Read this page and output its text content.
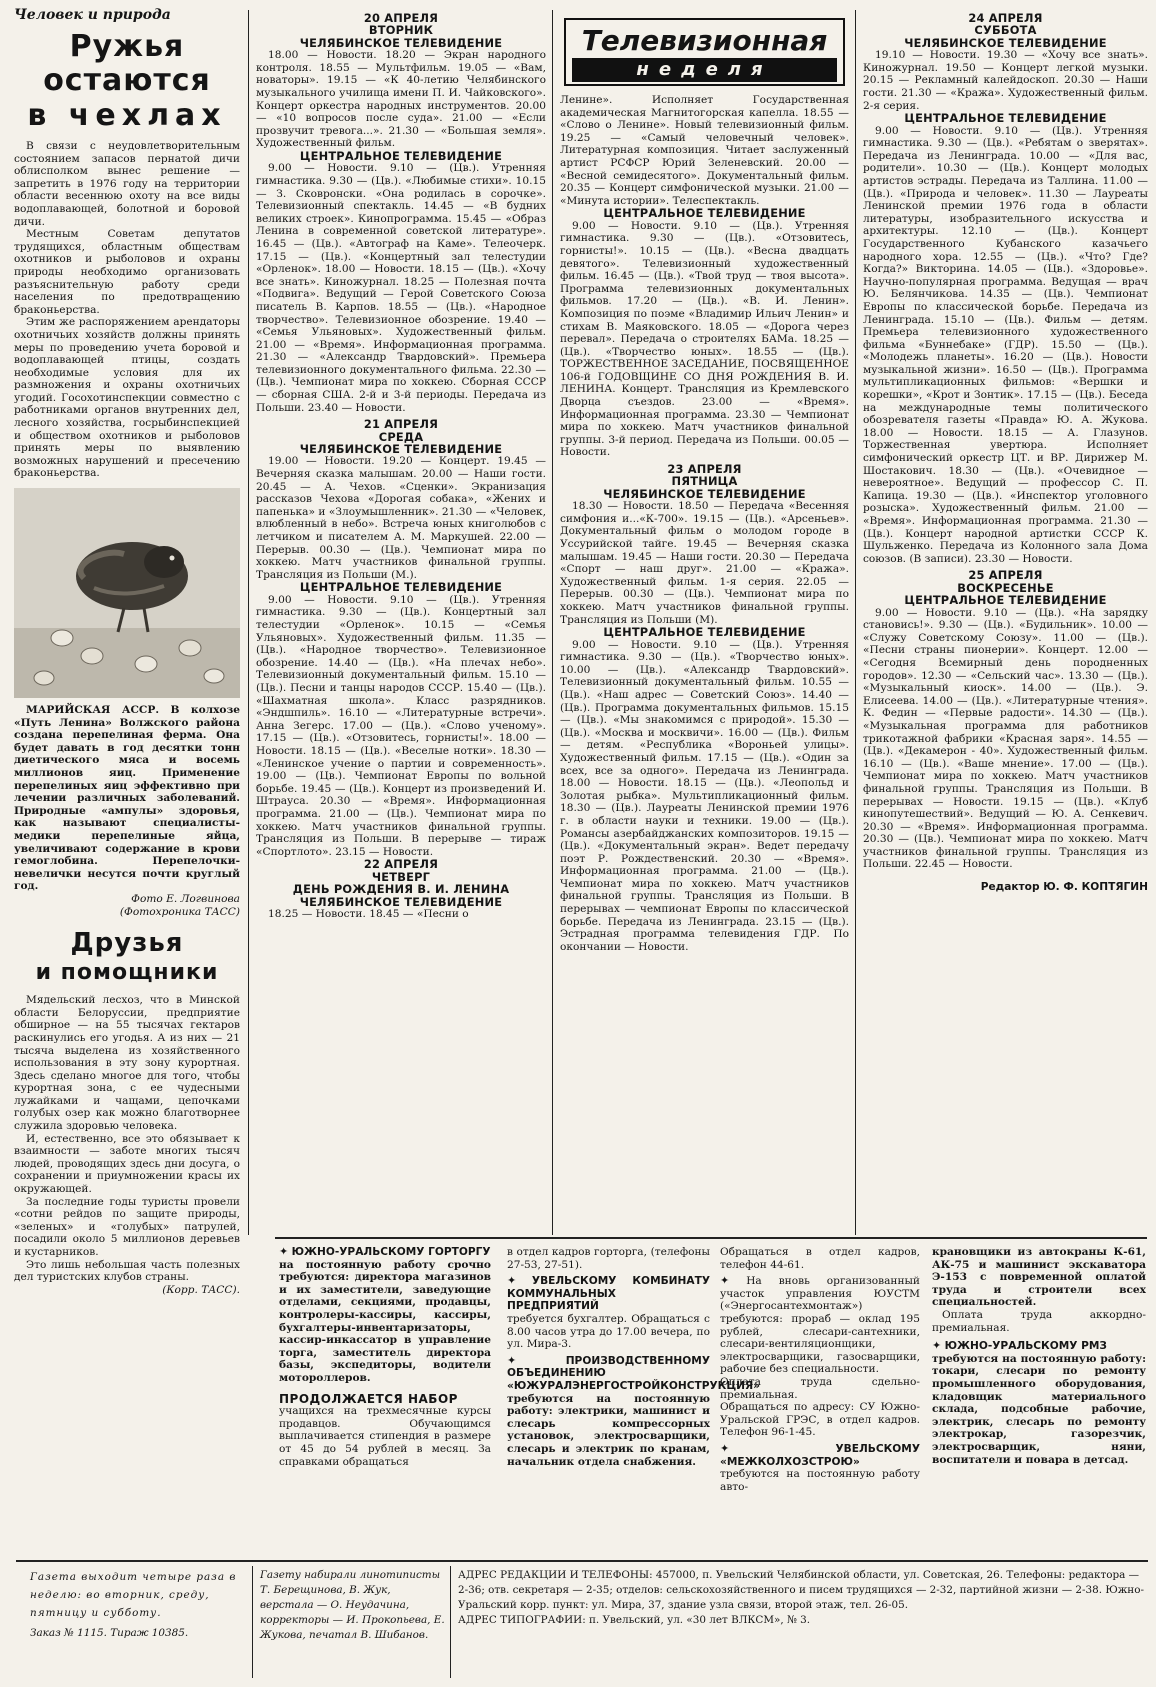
Человек и природа
Ружья
остаются
в чехлах

В связи с неудовлетворительным состоянием запасов пернатой дичи облисполком вынес решение — запретить в 1976 году на территории области весеннюю охоту на все виды водоплавающей, болотной и боровой дичи.

Местным Советам депутатов трудящихся, областным обществам охотников и рыболовов и охраны природы необходимо организовать разъяснительную работу среди населения по предотвращению браконьерства.

Этим же распоряжением арендаторы охотничьих хозяйств должны принять меры по проведению учета боровой и водоплавающей птицы, создать необходимые условия для их размножения и охраны охотничьих угодий. Госохотинспекции совместно с работниками органов внутренних дел, лесного хозяйства, госрыбинспекцией и обществом охотников и рыболовов принять меры по выявлению возможных нарушений и пресечению браконьерства.

МАРИЙСКАЯ АССР. В колхозе «Путь Ленина» Волжского района создана перепелиная ферма. Она будет давать в год десятки тонн диетического мяса и восемь миллионов яиц. Применение перепелиных яиц эффективно при лечении различных заболеваний. Природные «ампулы» здоровья, как называют специалисты-медики перепелиные яйца, увеличивают содержание в крови гемоглобина. Перепелочки-невелички несутся почти круглый год.

Фото Е. Логвинова
(Фотохроника ТАСС)
Друзья
и помощники

Мядельский лесхоз, что в Минской области Белоруссии, предприятие обширное — на 55 тысячах гектаров раскинулись его угодья. А из них — 21 тысяча выделена из хозяйственного использования в эту зону курортная. Здесь сделано многое для того, чтобы курортная зона, с ее чудесными лужайками и чащами, цепочками голубых озер как можно благотворнее служила здоровью человека.

И, естественно, все это обязывает к взаимности — заботе многих тысяч людей, проводящих здесь дни досуга, о сохранении и приумножении красы их окружающей.

За последние годы туристы провели «сотни рейдов по защите природы, «зеленых» и «голубых» патрулей, посадили около 5 миллионов деревьев и кустарников.

Это лишь небольшая часть полезных дел туристских клубов страны.

(Корр. ТАСС).
20 АПРЕЛЯ
ВТОРНИК
ЧЕЛЯБИНСКОЕ ТЕЛЕВИДЕНИЕ

18.00 — Новости. 18.20 — Экран народного контроля. 18.55 — Мультфильм. 19.05 — «Вам, новаторы». 19.15 — «К 40-летию Челябинского музыкального училища имени П. И. Чайковского». Концерт оркестра народных инструментов. 20.00 — «10 вопросов после суда». 21.00 — «Если прозвучит тревога...». 21.30 — «Большая земля». Художественный фильм.

ЦЕНТРАЛЬНОЕ ТЕЛЕВИДЕНИЕ

9.00 — Новости. 9.10 — (Цв.). Утренняя гимнастика. 9.30 — (Цв.). «Любимые стихи». 10.15 — З. Сковронски. «Она родилась в сорочке». Телевизионный спектакль. 14.45 — «В будних великих строек». Кинопрограмма. 15.45 — «Образ Ленина в современной советской литературе». 16.45 — (Цв.). «Автограф на Каме». Телеочерк. 17.15 — (Цв.). «Концертный зал телестудии «Орленок». 18.00 — Новости. 18.15 — (Цв.). «Хочу все знать». Киножурнал. 18.25 — Полезная почта «Подвига». Ведущий — Герой Советского Союза писатель В. Карпов. 18.55 — (Цв.). «Народное творчество». Телевизионное обозрение. 19.40 — «Семья Ульяновых». Художественный фильм. 21.00 — «Время». Информационная программа. 21.30 — «Александр Твардовский». Премьера телевизионного документального фильма. 22.30 — (Цв.). Чемпионат мира по хоккею. Сборная СССР — сборная США. 2-й и 3-й периоды. Передача из Польши. 23.40 — Новости.

21 АПРЕЛЯ
СРЕДА
ЧЕЛЯБИНСКОЕ ТЕЛЕВИДЕНИЕ

19.00 — Новости. 19.20 — Концерт. 19.45 — Вечерняя сказка малышам. 20.00 — Наши гости. 20.45 — А. Чехов. «Сценки». Экранизация рассказов Чехова «Дорогая собака», «Жених и папенька» и «Злоумышленник». 21.30 — «Человек, влюбленный в небо». Встреча юных книголюбов с летчиком и писателем А. М. Маркушей. 22.00 — Перерыв. 00.30 — (Цв.). Чемпионат мира по хоккею. Матч участников финальной группы. Трансляция из Польши (М.).

ЦЕНТРАЛЬНОЕ ТЕЛЕВИДЕНИЕ

9.00 — Новости. 9.10 — (Цв.). Утренняя гимнастика. 9.30 — (Цв.). Концертный зал телестудии «Орленок». 10.15 — «Семья Ульяновых». Художественный фильм. 11.35 — (Цв.). «Народное творчество». Телевизионное обозрение. 14.40 — (Цв.). «На плечах небо». Телевизионный документальный фильм. 15.10 — (Цв.). Песни и танцы народов СССР. 15.40 — (Цв.). «Шахматная школа». Класс разрядников. «Эндшпиль». 16.10 — «Литературные встречи». Анна Зегерс. 17.00 — (Цв.). «Слово ученому». 17.15 — (Цв.). «Отзовитесь, горнисты!». 18.00 — Новости. 18.15 — (Цв.). «Веселые нотки». 18.30 — «Ленинское учение о партии и современность». 19.00 — (Цв.). Чемпионат Европы по вольной борьбе. 19.45 — (Цв.). Концерт из произведений И. Штрауса. 20.30 — «Время». Информационная программа. 21.00 — (Цв.). Чемпионат мира по хоккею. Матч участников финальной группы. Трансляция из Польши. В перерыве — тираж «Спортлото». 23.15 — Новости.

22 АПРЕЛЯ
ЧЕТВЕРГ
ДЕНЬ РОЖДЕНИЯ В. И. ЛЕНИНА
ЧЕЛЯБИНСКОЕ ТЕЛЕВИДЕНИЕ

18.25 — Новости. 18.45 — «Песни о

Телевизионная
неделя

Ленине». Исполняет Государственная академическая Магнитогорская капелла. 18.55 — «Слово о Ленине». Новый телевизионный фильм. 19.25 — «Самый человечный человек». Литературная композиция. Читает заслуженный артист РСФСР Юрий Зеленевский. 20.00 — «Весной семидесятого». Документальный фильм. 20.35 — Концерт симфонической музыки. 21.00 — «Минута истории». Телеспектакль.

ЦЕНТРАЛЬНОЕ ТЕЛЕВИДЕНИЕ

9.00 — Новости. 9.10 — (Цв.). Утренняя гимнастика. 9.30 — (Цв.). «Отзовитесь, горнисты!». 10.15 — (Цв.). «Весна двадцать девятого». Телевизионный художественный фильм. 16.45 — (Цв.). «Твой труд — твоя высота». Программа телевизионных документальных фильмов. 17.20 — (Цв.). «В. И. Ленин». Композиция по поэме «Владимир Ильич Ленин» и стихам В. Маяковского. 18.05 — «Дорога через перевал». Передача о строителях БАМа. 18.25 — (Цв.). «Творчество юных». 18.55 — (Цв.). ТОРЖЕСТВЕННОЕ ЗАСЕДАНИЕ, ПОСВЯЩЕННОЕ 106-й ГОДОВЩИНЕ СО ДНЯ РОЖДЕНИЯ В. И. ЛЕНИНА. Концерт. Трансляция из Кремлевского Дворца съездов. 23.00 — «Время». Информационная программа. 23.30 — Чемпионат мира по хоккею. Матч участников финальной группы. 3-й период. Передача из Польши. 00.05 — Новости.

23 АПРЕЛЯ
ПЯТНИЦА
ЧЕЛЯБИНСКОЕ ТЕЛЕВИДЕНИЕ

18.30 — Новости. 18.50 — Передача «Весенняя симфония и...«К-700». 19.15 — (Цв.). «Арсеньев». Документальный фильм о молодом городе в Уссурийской тайге. 19.45 — Вечерняя сказка малышам. 19.45 — Наши гости. 20.30 — Передача «Спорт — наш друг». 21.00 — «Кража». Художественный фильм. 1-я серия. 22.05 — Перерыв. 00.30 — (Цв.). Чемпионат мира по хоккею. Матч участников финальной группы. Трансляция из Польши (М).

ЦЕНТРАЛЬНОЕ ТЕЛЕВИДЕНИЕ

9.00 — Новости. 9.10 — (Цв.). Утренняя гимнастика. 9.30 — (Цв.). «Творчество юных». 10.00 — (Цв.). «Александр Твардовский». Телевизионный документальный фильм. 10.55 — (Цв.). «Наш адрес — Советский Союз». 14.40 — (Цв.). Программа документальных фильмов. 15.15 — (Цв.). «Мы знакомимся с природой». 15.30 — (Цв.). «Москва и москвичи». 16.00 — (Цв.). Фильм — детям. «Республика «Вороньей улицы». Художественный фильм. 17.15 — (Цв.). «Один за всех, все за одного». Передача из Ленинграда. 18.00 — Новости. 18.15 — (Цв.). «Леопольд и Золотая рыбка». Мультипликационный фильм. 18.30 — (Цв.). Лауреаты Ленинской премии 1976 г. в области науки и техники. 19.00 — (Цв.). Романсы азербайджанских композиторов. 19.15 — (Цв.). «Документальный экран». Ведет передачу поэт Р. Рождественский. 20.30 — «Время». Информационная программа. 21.00 — (Цв.). Чемпионат мира по хоккею. Матч участников финальной группы. Трансляция из Польши. В перерывах — чемпионат Европы по классической борьбе. Передача из Ленинграда. 23.15 — (Цв.). Эстрадная программа телевидения ГДР. По окончании — Новости.

24 АПРЕЛЯ
СУББОТА
ЧЕЛЯБИНСКОЕ ТЕЛЕВИДЕНИЕ

19.10 — Новости. 19.30 — «Хочу все знать». Киножурнал. 19.50 — Концерт легкой музыки. 20.15 — Рекламный калейдоскоп. 20.30 — Наши гости. 21.30 — «Кража». Художественный фильм. 2-я серия.

ЦЕНТРАЛЬНОЕ ТЕЛЕВИДЕНИЕ

9.00 — Новости. 9.10 — (Цв.). Утренняя гимнастика. 9.30 — (Цв.). «Ребятам о зверятах». Передача из Ленинграда. 10.00 — «Для вас, родители». 10.30 — (Цв.). Концерт молодых артистов эстрады. Передача из Таллина. 11.00 — (Цв.). «Природа и человек». 11.30 — Лауреаты Ленинской премии 1976 года в области литературы, изобразительного искусства и архитектуры. 12.10 — (Цв.). Концерт Государственного Кубанского казачьего народного хора. 12.55 — (Цв.). «Что? Где? Когда?» Викторина. 14.05 — (Цв.). «Здоровье». Научно-популярная программа. Ведущая — врач Ю. Белянчикова. 14.35 — (Цв.). Чемпионат Европы по классической борьбе. Передача из Ленинграда. 15.10 — (Цв.). Фильм — детям. Премьера телевизионного художественного фильма «Буннебаке» (ГДР). 15.50 — (Цв.). «Молодежь планеты». 16.20 — (Цв.). Новости музыкальной жизни». 16.50 — (Цв.). Программа мультипликационных фильмов: «Вершки и корешки», «Крот и Зонтик». 17.15 — (Цв.). Беседа на международные темы политического обозревателя газеты «Правда» Ю. А. Жукова. 18.00 — Новости. 18.15 — А. Глазунов. Торжественная увертюра. Исполняет симфонический оркестр ЦТ. и ВР. Дирижер М. Шостакович. 18.30 — (Цв.). «Очевидное — невероятное». Ведущий — профессор С. П. Капица. 19.30 — (Цв.). «Инспектор уголовного розыска». Художественный фильм. 21.00 — «Время». Информационная программа. 21.30 — (Цв.). Концерт народной артистки СССР К. Шульженко. Передача из Колонного зала Дома союзов. (В записи). 23.30 — Новости.

25 АПРЕЛЯ
ВОСКРЕСЕНЬЕ
ЦЕНТРАЛЬНОЕ ТЕЛЕВИДЕНИЕ

9.00 — Новости. 9.10 — (Цв.). «На зарядку становись!». 9.30 — (Цв.). «Будильник». 10.00 — «Служу Советскому Союзу». 11.00 — (Цв.). «Песни страны пионерии». Концерт. 12.00 — «Сегодня Всемирный день породненных городов». 12.30 — «Сельский час». 13.30 — (Цв.). «Музыкальный киоск». 14.00 — (Цв.). Э. Елисеева. 14.00 — (Цв.). «Литературные чтения». К. Федин — «Первые радости». 14.30 — (Цв.). «Музыкальная программа для работников трикотажной фабрики «Красная заря». 14.55 — (Цв.). «Декамерон - 40». Художественный фильм. 16.10 — (Цв.). «Ваше мнение». 17.00 — (Цв.). Чемпионат мира по хоккею. Матч участников финальной группы. Трансляция из Польши. В перерывах — Новости. 19.15 — (Цв.). «Клуб кинопутешествий». Ведущий — Ю. А. Сенкевич. 20.30 — «Время». Информационная программа. 20.30 — (Цв.). Чемпионат мира по хоккею. Матч участников финальной группы. Трансляция из Польши. 22.45 — Новости.

Редактор Ю. Ф. КОПТЯГИН
✦ ЮЖНО-УРАЛЬСКОМУ ГОРТОРГУ
на постоянную работу срочно требуются: директора магазинов и их заместители, заведующие отделами, секциями, продавцы, контролеры-кассиры, кассиры, бухгалтеры-инвентаризаторы, кассир-инкассатор в управление торга, заместитель директора базы, экспедиторы, водители мотороллеров.
ПРОДОЛЖАЕТСЯ НАБОР
учащихся на трехмесячные курсы продавцов. Обучающимся выплачивается стипендия в размере от 45 до 54 рублей в месяц. За справками обращаться
в отдел кадров горторга, (телефоны 27-53, 27-51).
✦ УВЕЛЬСКОМУ КОМБИНАТУ КОММУНАЛЬНЫХ ПРЕДПРИЯТИЙ
требуется бухгалтер. Обращаться с 8.00 часов утра до 17.00 вечера, по ул. Мира-3.
✦	ПРОИЗВОДСТВЕННОМУ ОБЪЕДИНЕНИЮ «ЮЖУРАЛЭНЕРГОСТРОЙКОНСТРУКЦИЯ»
требуются на постоянную работу: электрики, машинист и слесарь компрессорных установок, электросварщики, слесарь и электрик по кранам, начальник отдела снабжения.
Обращаться в отдел кадров, телефон 44-61.
✦ На вновь организованный участок управления ЮУСТМ («Энергосантехмонтаж») требуются: прораб — оклад 195 рублей, слесари-сантехники, слесари-вентиляционщики, электросварщики, газосварщики, рабочие без специальности.
Оплата труда сдельно-премиальная.
Обращаться по адресу: СУ Южно-Уральской ГРЭС, в отдел кадров. Телефон 96-1-45.
✦	УВЕЛЬСКОМУ «МЕЖКОЛХОЗСТРОЮ» требуются на постоянную работу авто-
крановщики из автокраны К-61, АК-75 и машинист экскаватора Э-153 с повременной оплатой труда и строители всех специальностей.
Оплата труда аккордно-премиальная.
✦ ЮЖНО-УРАЛЬСКОМУ РМЗ
требуются на постоянную работу: токари, слесари по ремонту промышленного оборудования, кладовщик материального склада, подсобные рабочие, электрик, слесарь по ремонту электрокар, газорезчик, электросварщик, няни, воспитатели и повара в детсад.
Газета выходит четыре раза в неделю: во вторник, среду, пятницу и субботу.
Заказ № 1115. Тираж 10385.
Газету набирали линотиписты Т. Берещинова, В. Жук, верстала — О. Неудачина, корректоры — И. Прокопьева, Е. Жукова, печатал В. Шибанов.
АДРЕС РЕДАКЦИИ И ТЕЛЕФОНЫ: 457000, п. Увельский Челябинской области, ул. Советская, 26. Телефоны: редактора — 2-36; отв. секретаря — 2-35; отделов: сельскохозяйственного и писем трудящихся — 2-32, партийной жизни — 2-38. Южно-Уральский корр. пункт: ул. Мира, 37, здание узла связи, второй этаж, тел. 26-05.
АДРЕС ТИПОГРАФИИ: п. Увельский, ул. «30 лет ВЛКСМ», № 3.
